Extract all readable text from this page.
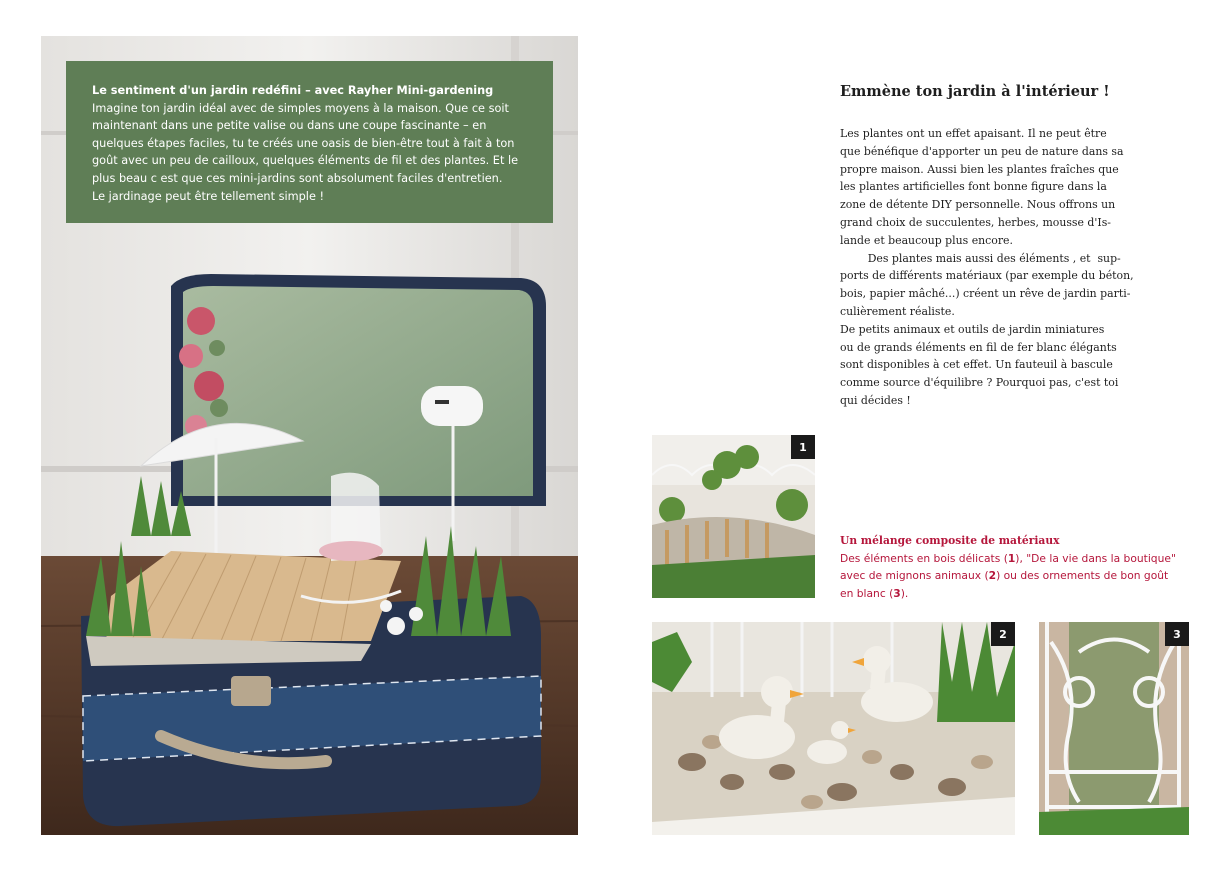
Le sentiment d'un jardin redéfini – avec Rayher Mini-gardening
Imagine ton jardin idéal avec de simples moyens à la maison. Que ce soit
maintenant dans une petite valise ou dans une coupe fascinante – en
quelques étapes faciles, tu te créés une oasis de bien-être tout à fait à ton
goût avec un peu de cailloux, quelques éléments de fil et des plantes. Et le
plus beau c est que ces mini-jardins sont absolument faciles d'entretien.
Le jardinage peut être tellement simple !
Emmène ton jardin à l'intérieur !
Les plantes ont un effet apaisant. Il ne peut être
que bénéfique d'apporter un peu de nature dans sa
propre maison. Aussi bien les plantes fraîches que
les plantes artificielles font bonne figure dans la
zone de détente DIY personnelle. Nous offrons un
grand choix de succulentes, herbes, mousse d'Is-
lande et beaucoup plus encore.
Des plantes mais aussi des éléments , et  sup-
ports de différents matériaux (par exemple du béton,
bois, papier mâché...) créent un rêve de jardin parti-
culièrement réaliste.
De petits animaux et outils de jardin miniatures
ou de grands éléments en fil de fer blanc élégants
sont disponibles à cet effet. Un fauteuil à bascule
comme source d'équilibre ? Pourquoi pas, c'est toi
qui décides !
1
2	3
Un mélange composite de matériaux
Des éléments en bois délicats (1), "De la vie dans la boutique"
avec de mignons animaux (2) ou des ornements de bon goût
en blanc (3).
